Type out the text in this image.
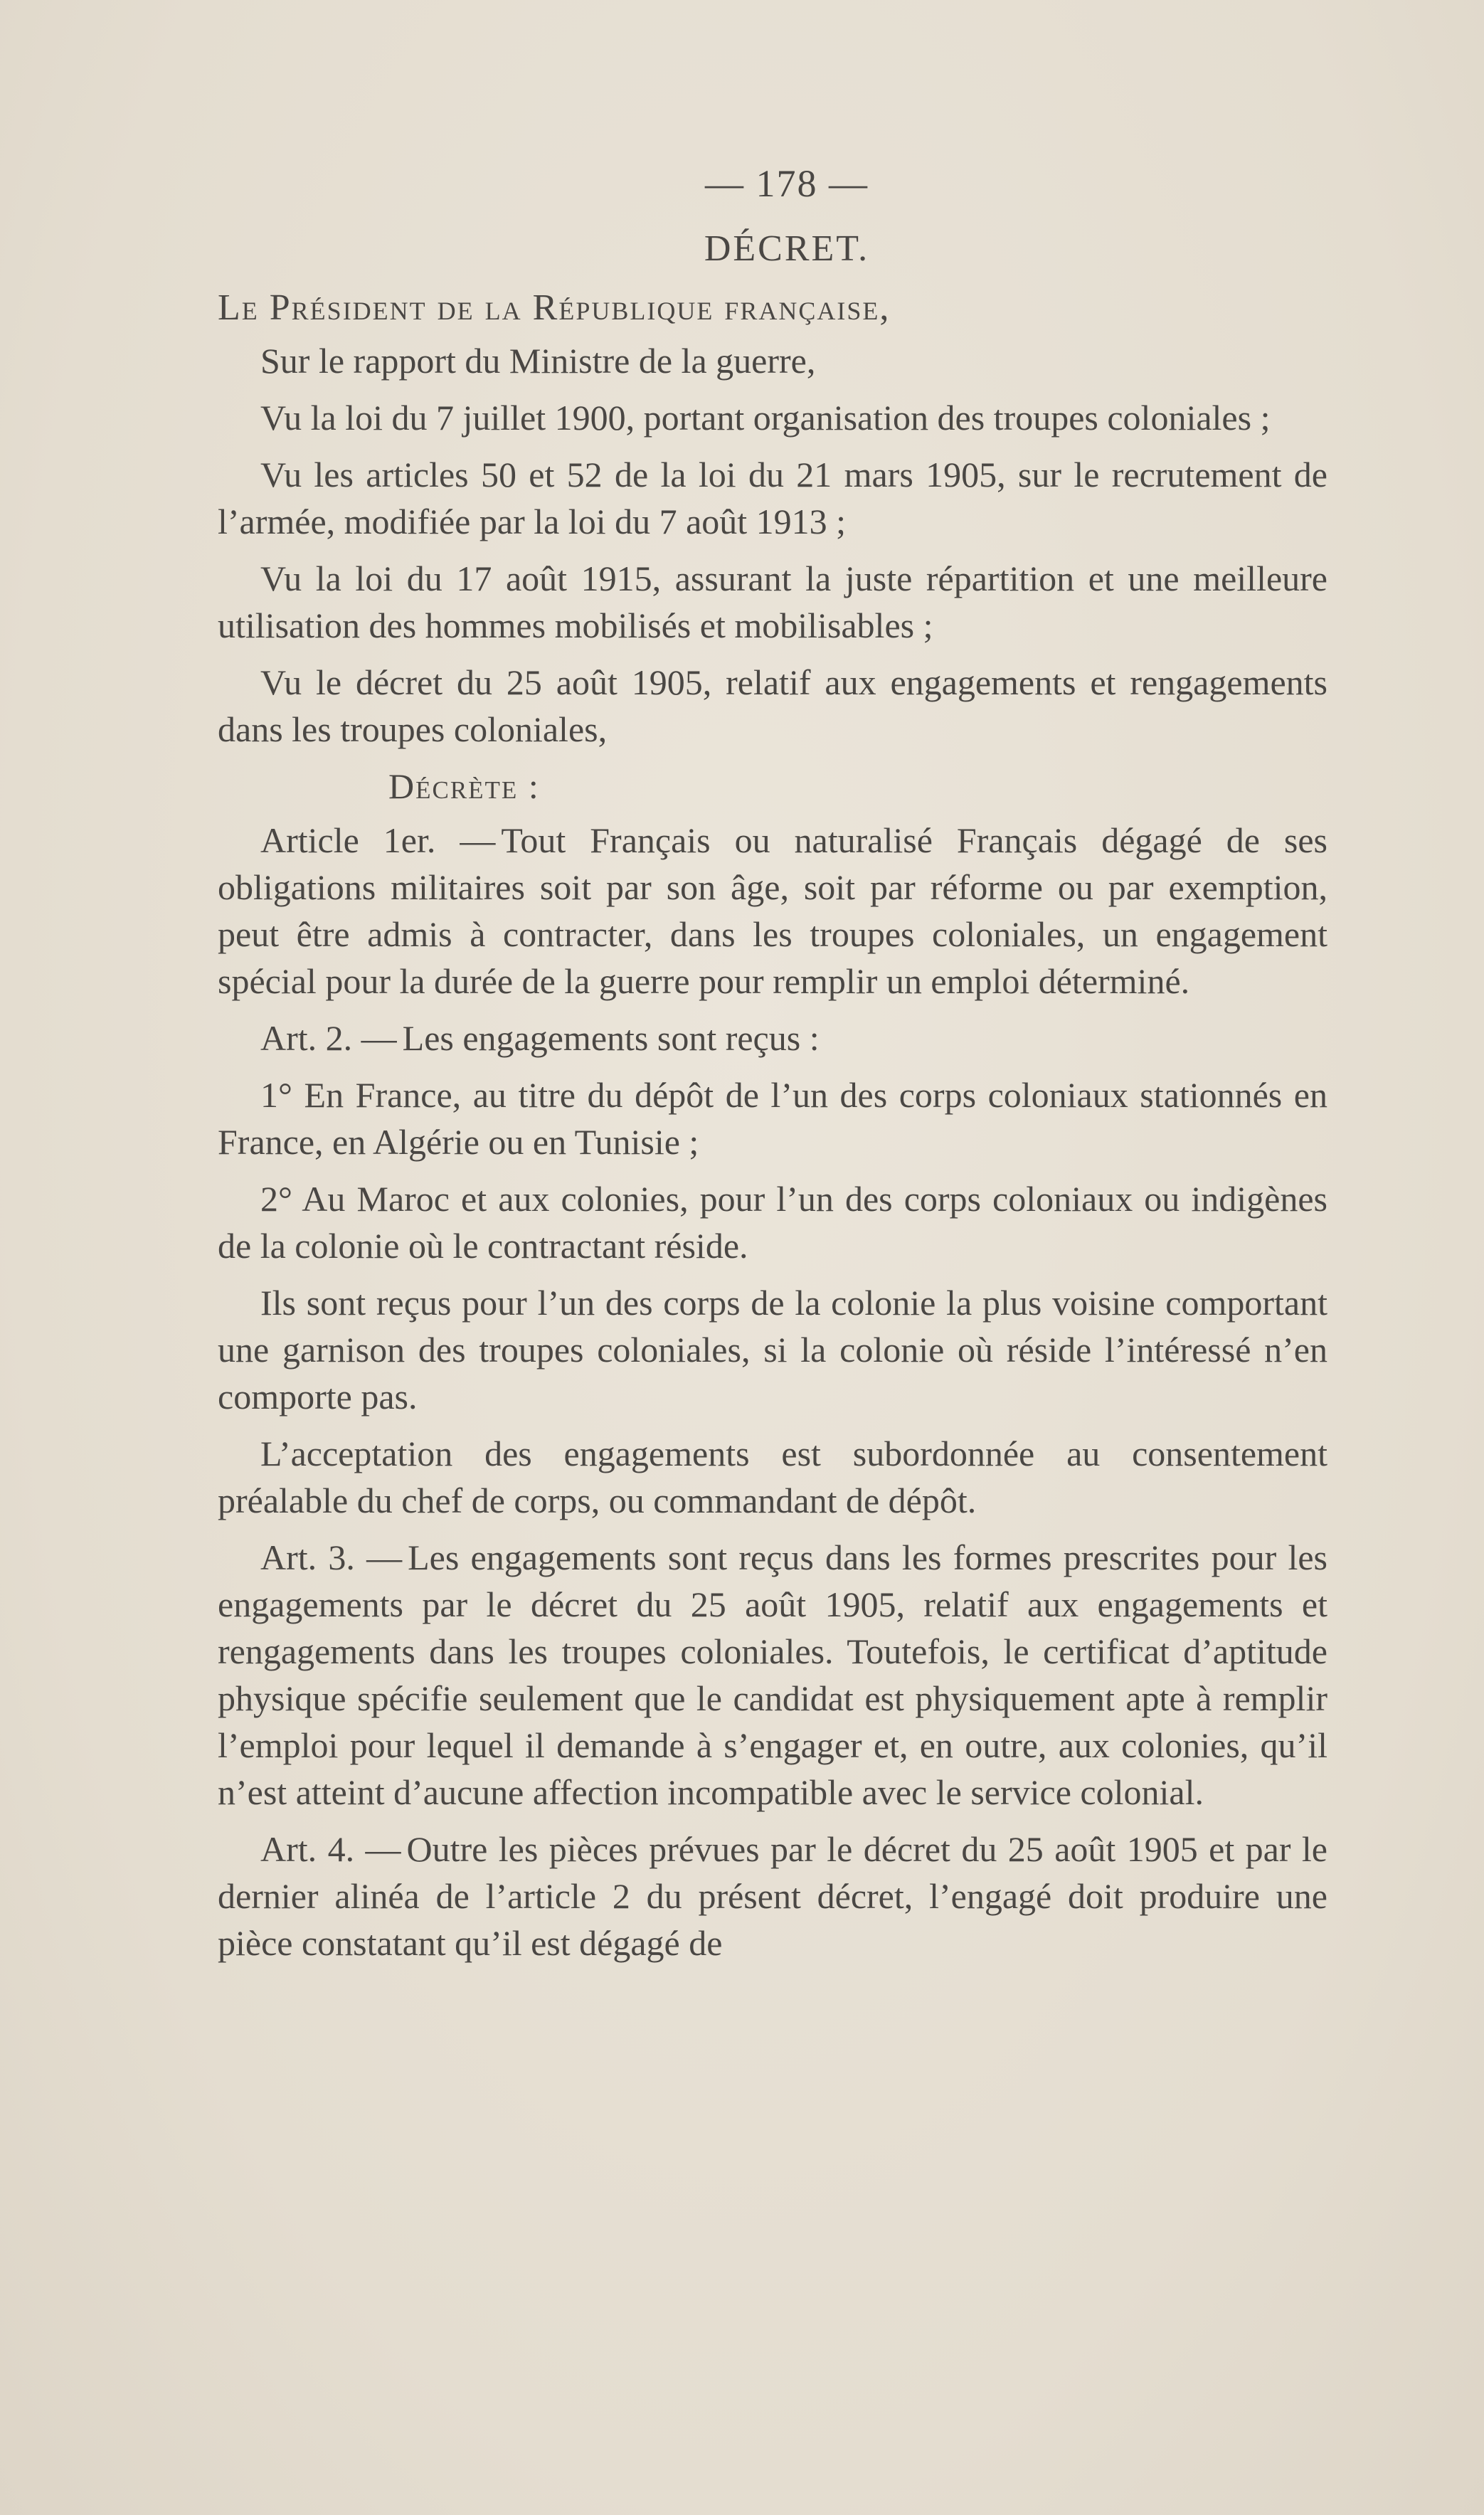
— 178 —
DÉCRET.
Le Président de la République française,
Sur le rapport du Ministre de la guerre,
Vu la loi du 7 juillet 1900, portant organisation des troupes coloniales ;
Vu les articles 50 et 52 de la loi du 21 mars 1905, sur le recrutement de l’armée, modifiée par la loi du 7 août 1913 ;
Vu la loi du 17 août 1915, assurant la juste répartition et une meilleure utilisation des hommes mobilisés et mobilisables ;
Vu le décret du 25 août 1905, relatif aux engagements et rengagements dans les troupes coloniales,
Décrète :
Article 1er. — Tout Français ou naturalisé Français dégagé de ses obligations militaires soit par son âge, soit par réforme ou par exemption, peut être admis à contracter, dans les troupes coloniales, un engagement spécial pour la durée de la guerre pour remplir un emploi déterminé.
Art. 2. — Les engagements sont reçus :
1° En France, au titre du dépôt de l’un des corps coloniaux stationnés en France, en Algérie ou en Tunisie ;
2° Au Maroc et aux colonies, pour l’un des corps coloniaux ou indigènes de la colonie où le contractant réside.
Ils sont reçus pour l’un des corps de la colonie la plus voisine comportant une garnison des troupes coloniales, si la colonie où réside l’intéressé n’en comporte pas.
L’acceptation des engagements est subordonnée au consentement préalable du chef de corps, ou commandant de dépôt.
Art. 3. — Les engagements sont reçus dans les formes prescrites pour les engagements par le décret du 25 août 1905, relatif aux engagements et rengagements dans les troupes coloniales. Toutefois, le certificat d’aptitude physique spécifie seulement que le candidat est physiquement apte à remplir l’emploi pour lequel il demande à s’engager et, en outre, aux colonies, qu’il n’est atteint d’aucune affection incompatible avec le service colonial.
Art. 4. — Outre les pièces prévues par le décret du 25 août 1905 et par le dernier alinéa de l’article 2 du présent décret, l’engagé doit produire une pièce constatant qu’il est dégagé de
